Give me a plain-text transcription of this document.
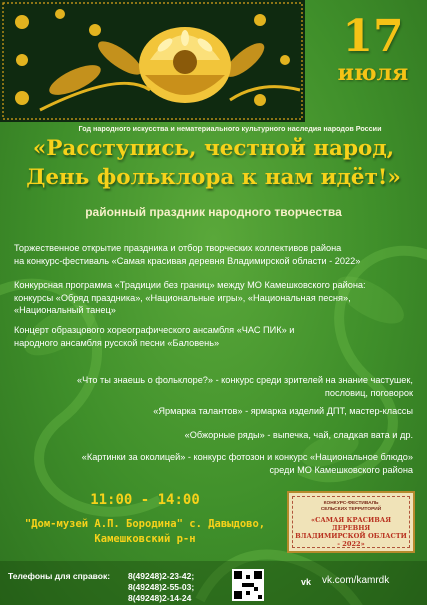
17
июля
Год народного искусства и нематериального культурного наследия народов России
«Расступись, честной народ,
День фольклора к нам идёт!»
районный праздник народного творчества

Торжественное открытие праздника и отбор творческих коллективов района

на конкурс-фестиваль «Самая красивая деревня Владимирской области - 2022»

Конкурсная программа «Традиции без границ» между МО Камешковского района:

конкурсы «Обряд праздника», «Национальные игры», «Национальная песня»,

«Национальный танец»

Концерт образцового хореографического ансамбля «ЧАС ПИК» и

народного ансамбля русской песни «Баловень»

«Что ты знаешь о фольклоре?» - конкурс среди зрителей на знание частушек,

пословиц, поговорок

«Ярмарка талантов» - ярмарка изделий ДПТ, мастер-классы

«Обжорные ряды» - выпечка, чай, сладкая вата и др.

«Картинки за околицей» - конкурс фотозон и конкурс «Национальное блюдо»

среди МО Камешковского района

11:00 - 14:00
"Дом-музей А.П. Бородина" с. Давыдово,
Камешковский р-н
КОНКУРС-ФЕСТИВАЛЬ
СЕЛЬСКИХ ТЕРРИТОРИЙ
«САМАЯ КРАСИВАЯ ДЕРЕВНЯ
ВЛАДИМИРСКОЙ ОБЛАСТИ - 2022»
Телефоны для справок: 8(49248)2-23-42;
8(49248)2-55-03;
8(49248)2-14-24
vk	vk.com/kamrdk
